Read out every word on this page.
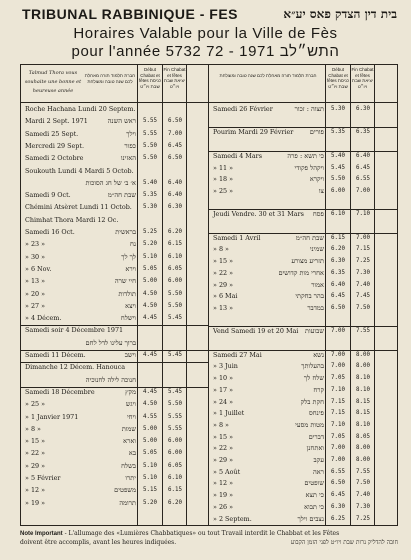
TRIBUNAL RABBINIQUE - FES	בית דין הצדק פאס יע״א
Horaires Valable pour la Ville de Fès
pour l'année 5732 התש״לב 1971 - 72
Talmud Thora vous souhaite une bonne et heureuse année
חברת תלמוד תורה מאחלת לכם שנה טובה ומוצלחת
Début Chabat et fêtes כניסת שבת ויו״ט
Fin Chabat et fêtes יציאת שבת ויו״ט
Roche Hachana Lundi 20 Septem.
Mardi 2 Sept. 1971	ראש השנה	5.55	6.50
Samedi 25 Sept.	וילך	5.55	7.00
Mercredi 29 Sept.	כפור	5.50	6.45
Samedi 2 Octobre	האזינו	5.50	6.50
Soukouth Lundi 4 Mardi 5 Octob.
א׳ ב׳ של חג הסוכות	5.40	6.40
Samedi 9 Oct.	שבת חה״מ	5.35	6.40
Chémini Atsèret Lundi 11 Octob.	5.30	6.30
Chimhat Thora Mardi 12 Oc.
Samedi 16 Oct.	בראשית	5.25	6.20
» 23 »	נח	5.20	6.15
» 30 »	לך לך	5.10	6.10
» 6 Nov.	וירא	5.05	6.05
» 13 »	חיי שרה	5.00	6.00
» 20 »	תולדות	4.50	5.50
» 27 »	ויצא	4.50	5.50
» 4 Décem.	וישלח	4.45	5.45
Samedi soir 4 Décembre 1971
ברוך עלינו לדל לחם
Samedi 11 Décem.	וישב	4.45	5.45
Dimanche 12 Décem. Hanouca
חנוכה לילה לחנוכיה
Samedi 18 Décembre	מקץ	4.45	5.45
» 25 »	ויגש	4.50	5.50
» 1 Janvier 1971	ויחי	4.55	5.55
» 8 »	שמות	5.00	5.55
» 15 »	וארא	5.00	6.00
» 22 »	בא	5.05	6.00
» 29 »	בשלח	5.10	6.05
» 5 Février	יתרו	5.10	6.10
» 12 »	משפטים	5.15	6.15
» 19 »	תרומה	5.20	6.20
חברת תלמוד תורה מאחלת לכם שנה טובה ומוצלחת
Début Chabat et fêtes כניסת שבת ויו״ט
Fin Chabat et fêtes יציאת שבת ויו״ט
Samedi 26 Février	תצוה : זכור	5.30	6.30
Pourim Mardi 29 Février פורים	5.35	6.35
Samedi 4 Mars	כי תשא : פרה	5.40	6.40
» 11 »	ויקהל פקודי	5.45	6.45
» 18 »	ויקרא	5.50	6.55
» 25 »	צו	6.00	7.00
Jeudi Vendre. 30 et 31 Mars פסח	6.10	7.10
Samedi 1 Avril	שבת חה״מ	6.15	7.00
» 8 »	שמיני	6.20	7.15
» 15 »	תזריע מצורע	6.30	7.25
» 22 »	אחרי מות קדושים	6.35	7.30
» 29 »	אמור	6.40	7.40
» 6 Mai	בהר בחקתי	6.45	7.45
» 13 »	במדבר	6.50	7.50
Vend Samedi 19 et 20 Mai שבועות	7.00	7.55
Samedi 27 Mai	נשא	7.00	8.00
» 3 Juin	בהעלותך	7.00	8.00
» 10 »	שלח לך	7.05	8.10
» 17 »	קרח	7.10	8.10
» 24 »	חקת בלק	7.15	8.15
» 1 Juillet	פינחס	7.15	8.15
» 8 »	מטות מסעי	7.10	8.10
» 15 »	דברים	7.05	8.05
» 22 »	ואתחנן	7.00	8.00
» 29 »	עקב	7.00	8.00
» 5 Août	ראה	6.55	7.55
» 12 »	שופטים	6.50	7.50
» 19 »	כי תצא	6.45	7.40
» 26 »	כי תבוא	6.30	7.30
» 2 Septem.	נצבים וילך	6.25	7.25
Note Important - L'allumage des «Lumières Chabbatiques» ou tout Travail interdit le Chabbat et les Fêtes
doivent être accomplis, avant les heures indiquées.	חובה להדליק נרות שבת ויו״ט לפני הזמן הקבוע
